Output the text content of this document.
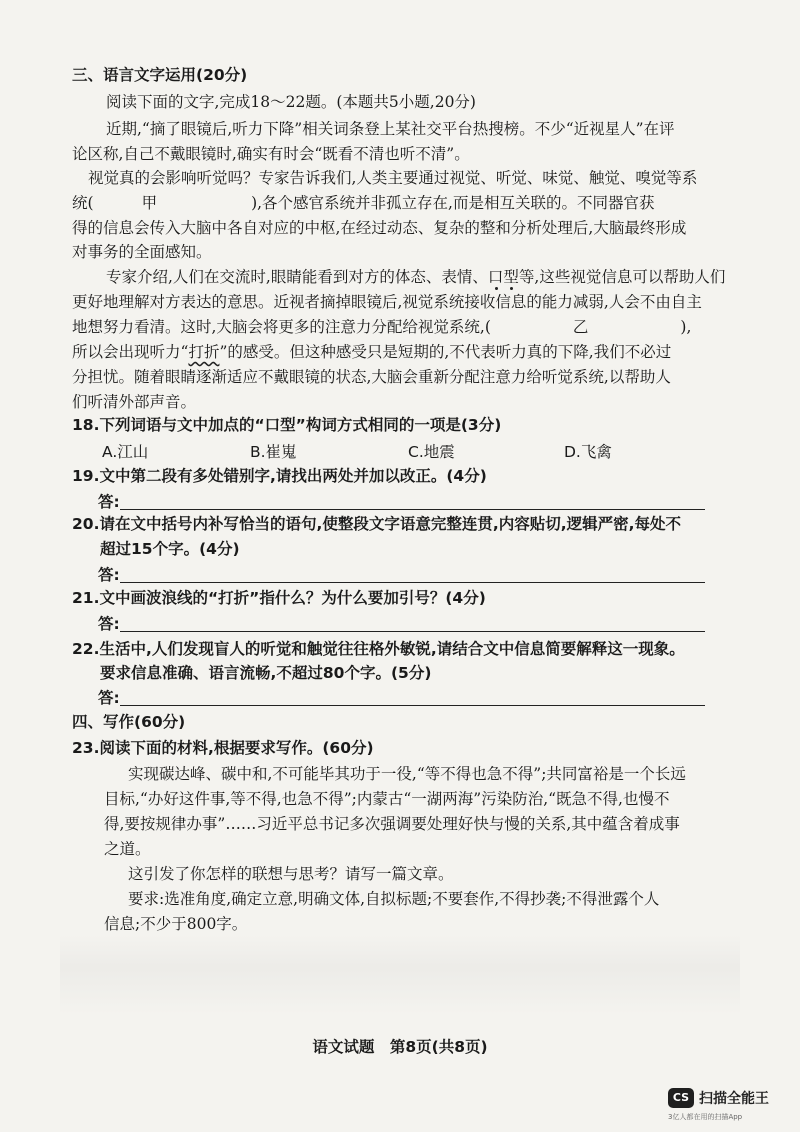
三、语言文字运用(20分)
阅读下面的文字,完成18～22题。(本题共5小题,20分)
近期,“摘了眼镜后,听力下降”相关词条登上某社交平台热搜榜。不少“近视星人”在评
论区称,自己不戴眼镜时,确实有时会“既看不清也听不清”。
视觉真的会影响听觉吗？专家告诉我们,人类主要通过视觉、听觉、味觉、触觉、嗅觉等系
统(	甲	),各个感官系统并非孤立存在,而是相互关联的。不同器官获
得的信息会传入大脑中各自对应的中枢,在经过动态、复杂的整和分析处理后,大脑最终形成
对事务的全面感知。
专家介绍,人们在交流时,眼睛能看到对方的体态、表情、口型等,这些视觉信息可以帮助人们
更好地理解对方表达的意思。近视者摘掉眼镜后,视觉系统接收信息的能力减弱,人会不由自主
地想努力看清。这时,大脑会将更多的注意力分配给视觉系统,(	乙	),
所以会出现听力“打折”的感受。但这种感受只是短期的,不代表听力真的下降,我们不必过
分担忧。随着眼睛逐渐适应不戴眼镜的状态,大脑会重新分配注意力给听觉系统,以帮助人
们听清外部声音。
18.下列词语与文中加点的“口型”构词方式相同的一项是(3分)
A.江山	B.崔嵬	C.地震	D.飞禽
19.文中第二段有多处错别字,请找出两处并加以改正。(4分)
答:
20.请在文中括号内补写恰当的语句,使整段文字语意完整连贯,内容贴切,逻辑严密,每处不
超过15个字。(4分)
答:
21.文中画波浪线的“打折”指什么？为什么要加引号？(4分)
答:
22.生活中,人们发现盲人的听觉和触觉往往格外敏锐,请结合文中信息简要解释这一现象。
要求信息准确、语言流畅,不超过80个字。(5分)
答:
四、写作(60分)
23.阅读下面的材料,根据要求写作。(60分)
实现碳达峰、碳中和,不可能毕其功于一役,“等不得也急不得”;共同富裕是一个长远
目标,“办好这件事,等不得,也急不得”;内蒙古“一湖两海”污染防治,“既急不得,也慢不
得,要按规律办事”……习近平总书记多次强调要处理好快与慢的关系,其中蕴含着成事
之道。
这引发了你怎样的联想与思考？请写一篇文章。
要求:选准角度,确定立意,明确文体,自拟标题;不要套作,不得抄袭;不得泄露个人
信息;不少于800字。
语文试题　第8页(共8页)
CS 扫描全能王
3亿人都在用的扫描App
